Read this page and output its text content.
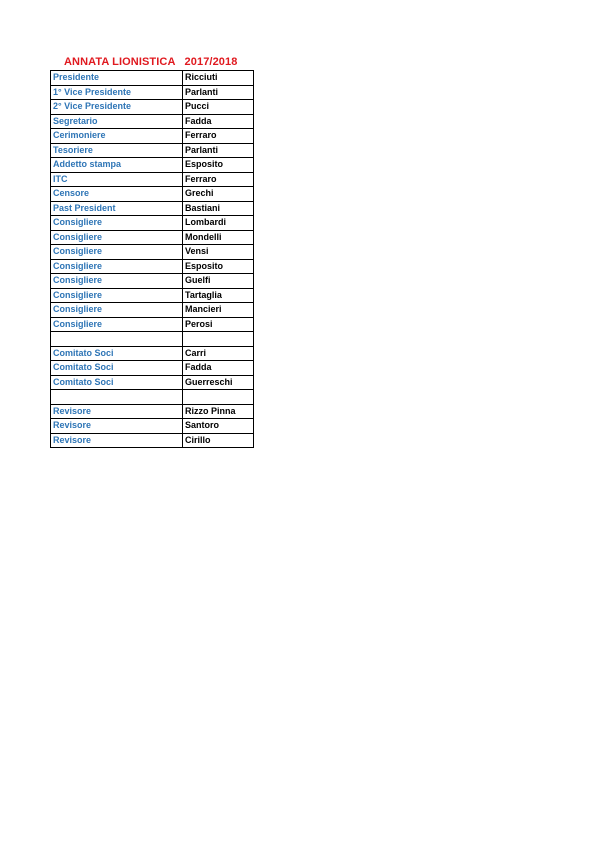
ANNATA LIONISTICA 2017/2018
Presidente	Ricciuti
1° Vice Presidente	Parlanti
2° Vice Presidente	Pucci
Segretario	Fadda
Cerimoniere	Ferraro
Tesoriere	Parlanti
Addetto stampa	Esposito
ITC	Ferraro
Censore	Grechi
Past President	Bastiani
Consigliere	Lombardi
Consigliere	Mondelli
Consigliere	Vensi
Consigliere	Esposito
Consigliere	Guelfi
Consigliere	Tartaglia
Consigliere	Mancieri
Consigliere	Perosi

Comitato Soci	Carri
Comitato Soci	Fadda
Comitato Soci	Guerreschi

Revisore	Rizzo Pinna
Revisore	Santoro
Revisore	Cirillo
